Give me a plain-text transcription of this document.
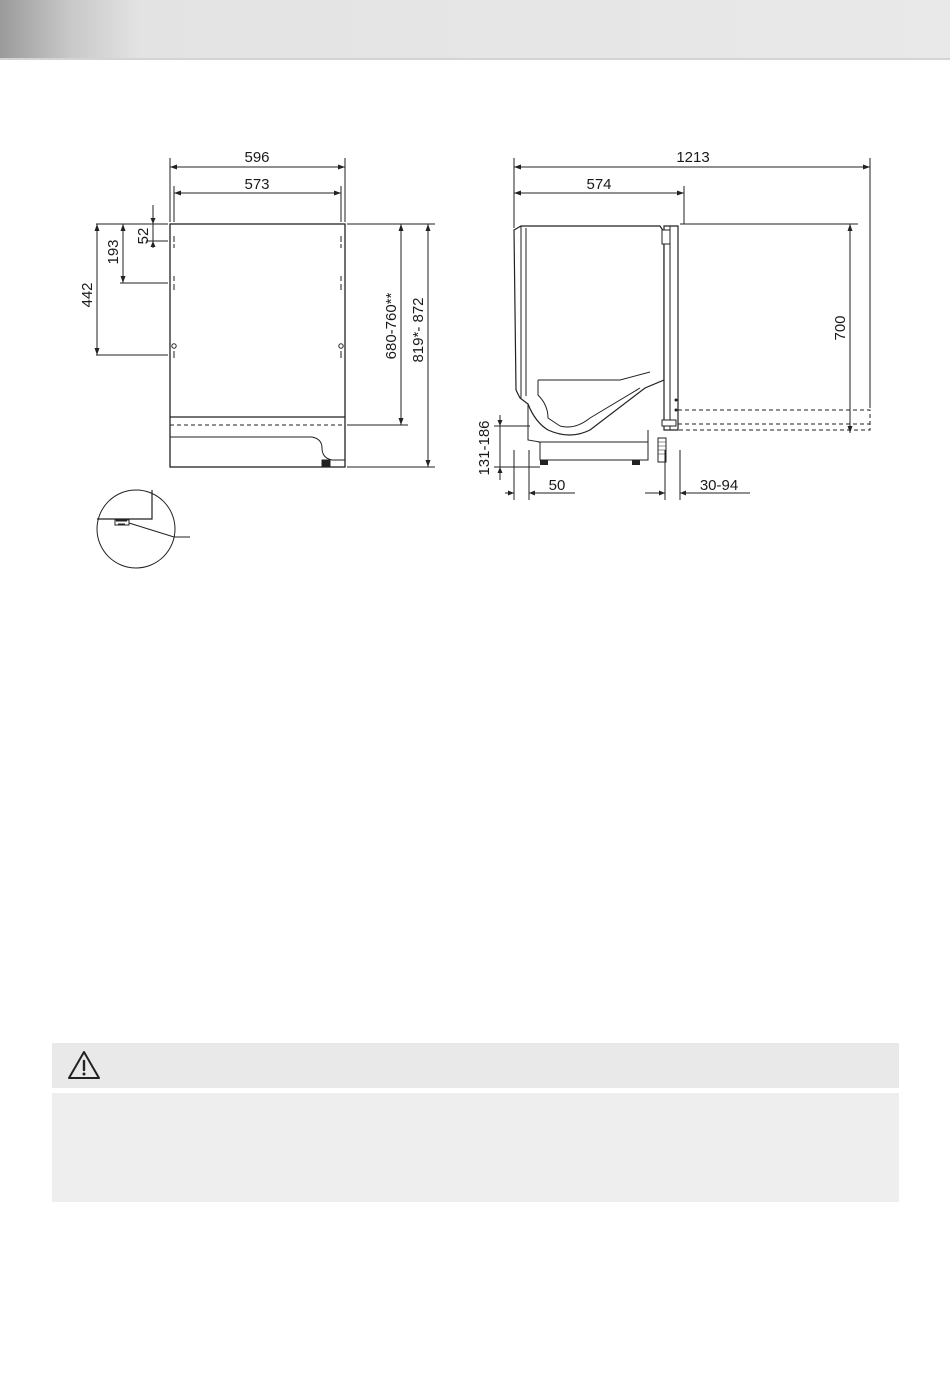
596
573
52
193
442	680-760** 819*- 872
1213
574
700
131-186
50	30-94
